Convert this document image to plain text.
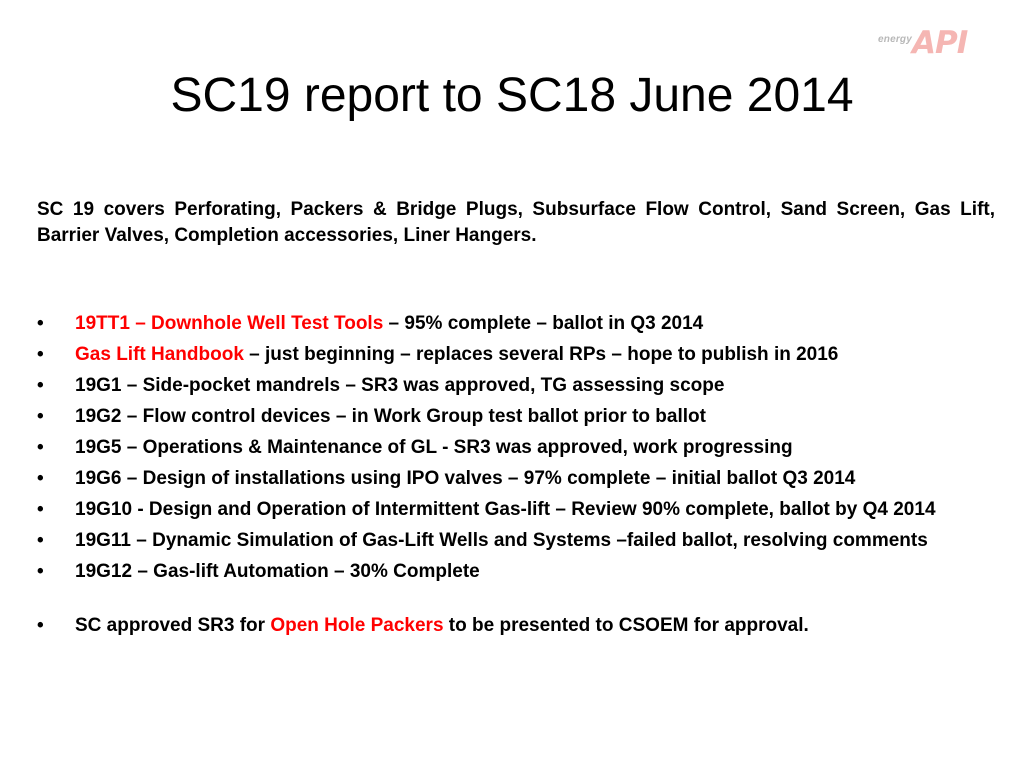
energy API
SC19 report to SC18 June 2014

SC 19 covers Perforating, Packers & Bridge Plugs, Subsurface Flow Control, Sand Screen, Gas Lift, Barrier Valves, Completion accessories, Liner Hangers.

•	19TT1 – Downhole Well Test Tools – 95% complete – ballot in Q3 2014
•	Gas Lift Handbook – just beginning – replaces several RPs – hope to publish in 2016
•	19G1 – Side-pocket mandrels – SR3 was approved, TG assessing scope
•	19G2 – Flow control devices – in Work Group test ballot prior to ballot
•	19G5 – Operations & Maintenance of GL - SR3 was approved, work progressing
•	19G6 – Design of installations using IPO valves – 97% complete – initial ballot Q3 2014
•	19G10 - Design and Operation of Intermittent Gas-lift – Review 90% complete, ballot by Q4 2014
•	19G11 – Dynamic Simulation of Gas-Lift Wells and Systems –failed ballot, resolving comments
•	19G12 – Gas-lift Automation – 30% Complete
•	SC approved SR3 for Open Hole Packers to be presented to CSOEM for approval.
